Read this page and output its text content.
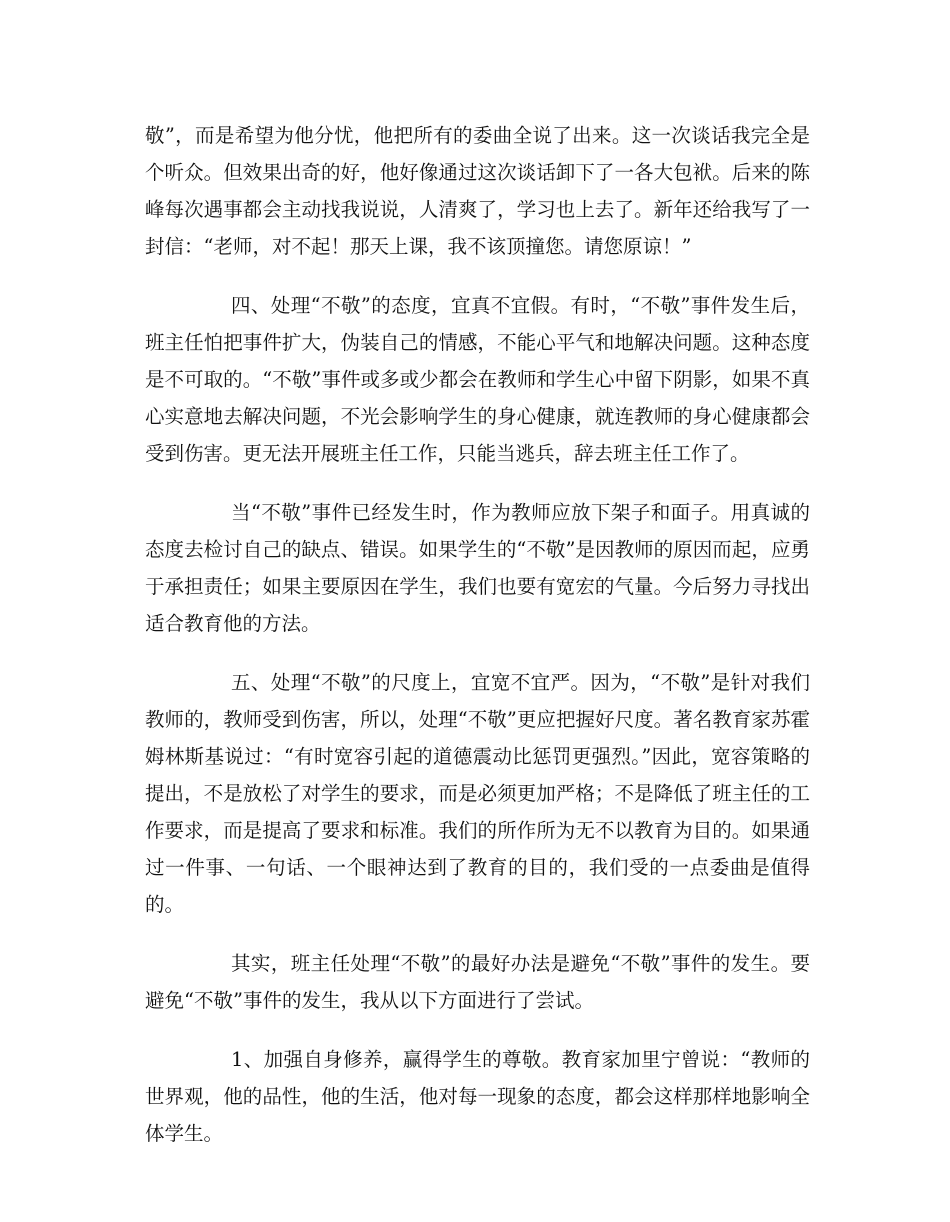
敬”，而是希望为他分忧，他把所有的委曲全说了出来。这一次谈话我完全是个听众。但效果出奇的好，他好像通过这次谈话卸下了一各大包袱。后来的陈峰每次遇事都会主动找我说说，人清爽了，学习也上去了。新年还给我写了一封信：“老师，对不起！那天上课，我不该顶撞您。请您原谅！”

四、处理“不敬”的态度，宜真不宜假。有时，“不敬”事件发生后，班主任怕把事件扩大，伪装自己的情感，不能心平气和地解决问题。这种态度是不可取的。“不敬”事件或多或少都会在教师和学生心中留下阴影，如果不真心实意地去解决问题，不光会影响学生的身心健康，就连教师的身心健康都会受到伤害。更无法开展班主任工作，只能当逃兵，辞去班主任工作了。

当“不敬”事件已经发生时，作为教师应放下架子和面子。用真诚的态度去检讨自己的缺点、错误。如果学生的“不敬”是因教师的原因而起，应勇于承担责任；如果主要原因在学生，我们也要有宽宏的气量。今后努力寻找出适合教育他的方法。

五、处理“不敬”的尺度上，宜宽不宜严。因为，“不敬”是针对我们教师的，教师受到伤害，所以，处理“不敬”更应把握好尺度。著名教育家苏霍姆林斯基说过：“有时宽容引起的道德震动比惩罚更强烈。”因此，宽容策略的提出，不是放松了对学生的要求，而是必须更加严格；不是降低了班主任的工作要求，而是提高了要求和标准。我们的所作所为无不以教育为目的。如果通过一件事、一句话、一个眼神达到了教育的目的，我们受的一点委曲是值得的。

其实，班主任处理“不敬”的最好办法是避免“不敬”事件的发生。要避免“不敬”事件的发生，我从以下方面进行了尝试。

1、加强自身修养，赢得学生的尊敬。教育家加里宁曾说：“教师的世界观，他的品性，他的生活，他对每一现象的态度，都会这样那样地影响全体学生。
